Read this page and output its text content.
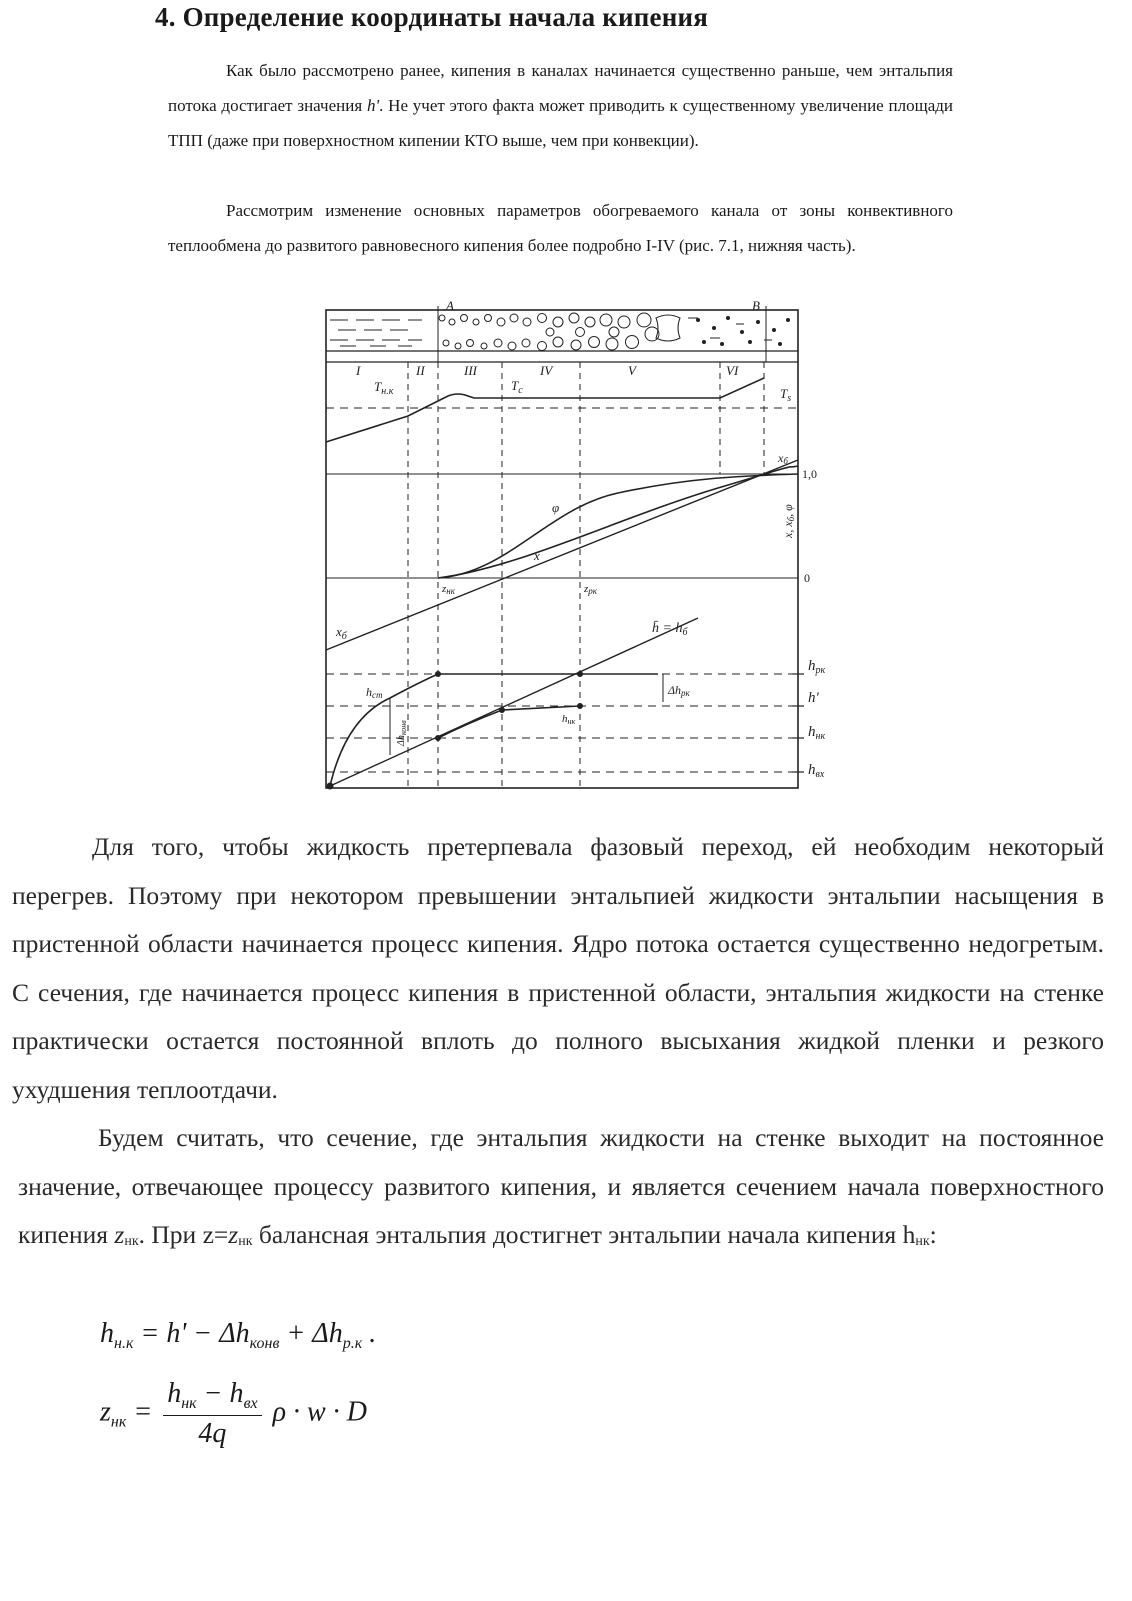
4. Определение координаты начала кипения

Как было рассмотрено ранее, кипения в каналах начинается существенно раньше, чем энтальпия потока достигает значения h'. Не учет этого факта может приводить к существенному увеличение площади ТПП (даже при поверхностном кипении КТО выше, чем при конвекции).

Рассмотрим изменение основных параметров обогреваемого канала от зоны конвективного теплообмена до развитого равновесного кипения более подробно I-IV (рис. 7.1, нижняя часть).

A	B
I	II	III	IV	V	VI
$T_{н.к}$	$T_c$	$T_s$
φ
x
$х_б$
zнк	zрк
1,0
0
x, xб, φ
хб
h̄ = $h_б$
hст
$\Delta h_{конв}$
Δhрк
hнк
$h_{рк}$
h'
$h_{нк}$
$h_{вх}$

Для того, чтобы жидкость претерпевала фазовый переход, ей необходим некоторый перегрев. Поэтому при некотором превышении энтальпией жидкости энтальпии насыщения в пристенной области начинается процесс кипения. Ядро потока остается существенно недогретым. С сечения, где начинается процесс кипения в пристенной области, энтальпия жидкости на стенке практически остается постоянной вплоть до полного высыхания жидкой пленки и резкого ухудшения теплоотдачи.

Будем считать, что сечение, где энтальпия жидкости на стенке выходит на постоянное значение, отвечающее процессу развитого кипения, и является сечением начала поверхностного кипения $z_{нк}$. При $z=z_{нк}$ балансная энтальпия достигнет энтальпии начала кипения $h_{нк}$:

$h_{н.к} = h' - \Delta h_{конв} + \Delta h_{р.к}$ .
$z_{нк} = \frac{h_{нк} - h_{вх}}{4q}$ ρ · w · D
